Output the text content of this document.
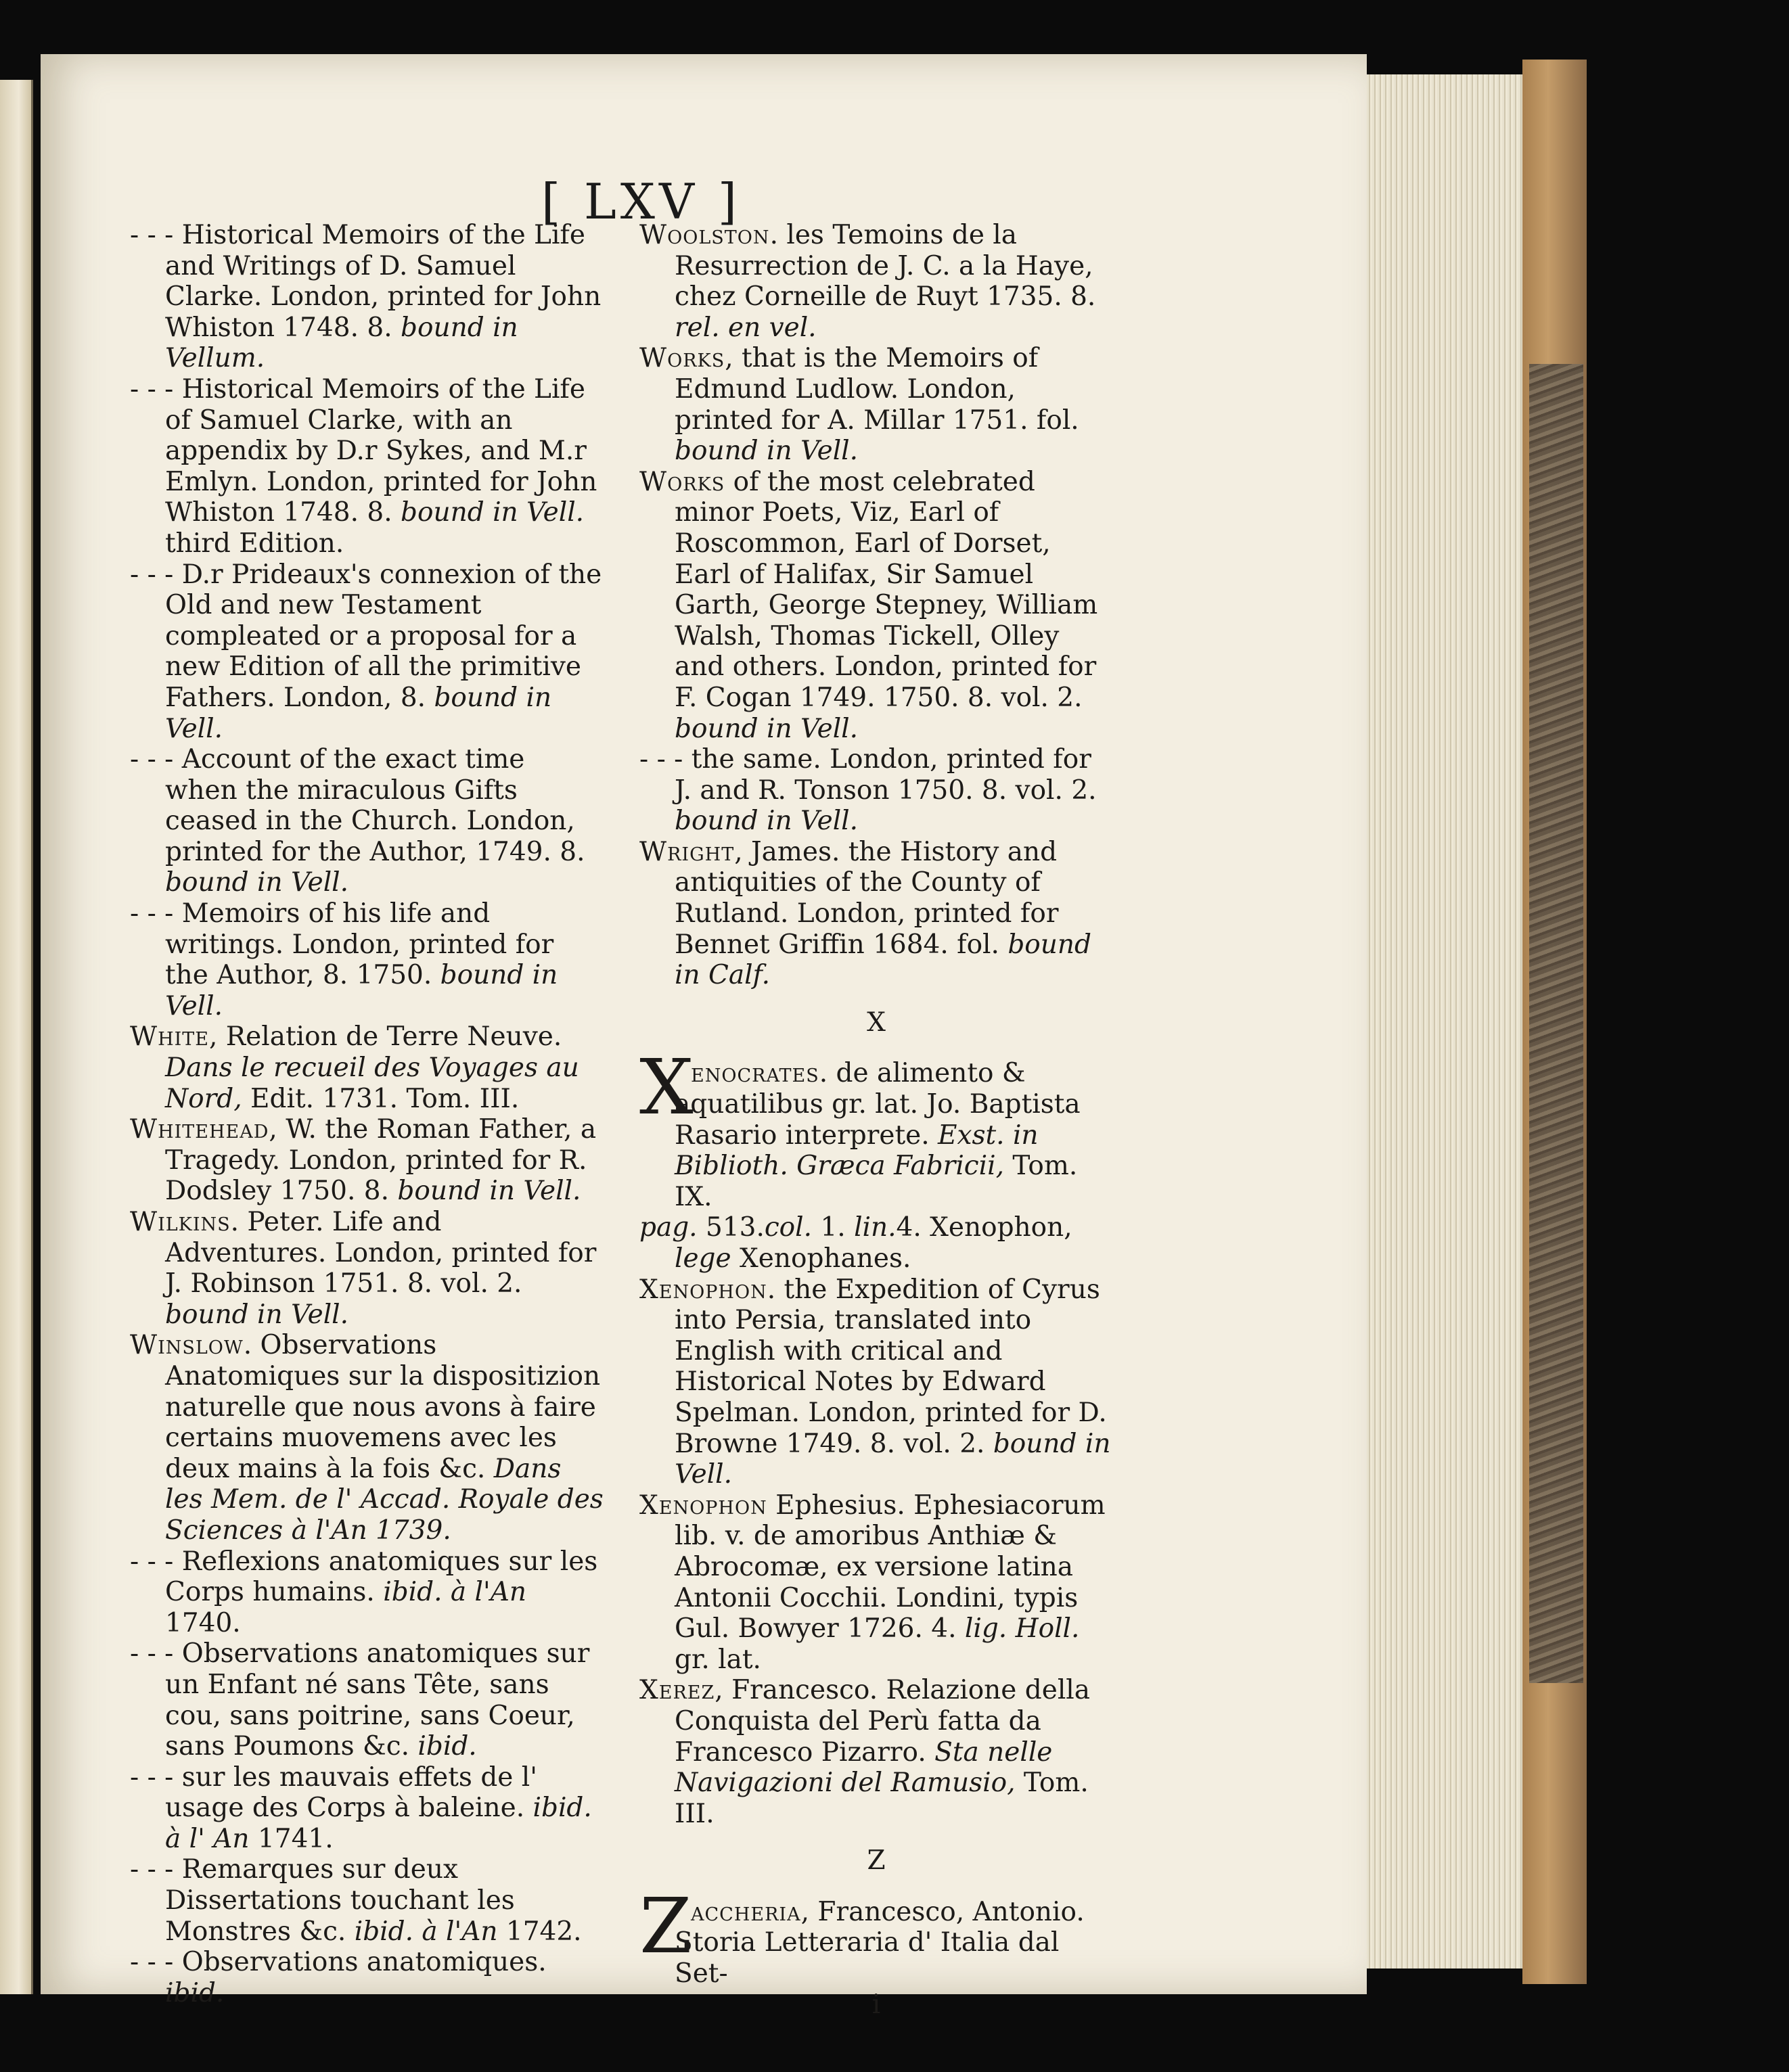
[ LXV ]

- - - Historical Memoirs of the Life and Writings of D. Samuel Clarke. London, printed for John Whiston 1748. 8. bound in Vellum.

- - - Historical Memoirs of the Life of Samuel Clarke, with an appendix by D.r Sykes, and M.r Emlyn. London, printed for John Whiston 1748. 8. bound in Vell. third Edition.

- - - D.r Prideaux's connexion of the Old and new Testament compleated or a proposal for a new Edition of all the primitive Fathers. London, 8. bound in Vell.

- - - Account of the exact time when the miraculous Gifts ceased in the Church. London, printed for the Author, 1749. 8. bound in Vell.

- - - Memoirs of his life and writings. London, printed for the Author, 8. 1750. bound in Vell.

White, Relation de Terre Neuve. Dans le recueil des Voyages au Nord, Edit. 1731. Tom. III.

Whitehead, W. the Roman Father, a Tragedy. London, printed for R. Dodsley 1750. 8. bound in Vell.

Wilkins. Peter. Life and Adventures. London, printed for J. Robinson 1751. 8. vol. 2. bound in Vell.

Winslow. Observations Anatomiques sur la dispositizion naturelle que nous avons à faire certains muovemens avec les deux mains à la fois &c. Dans les Mem. de l' Accad. Royale des Sciences à l'An 1739.

- - - Reflexions anatomiques sur les Corps humains. ibid. à l'An 1740.

- - - Observations anatomiques sur un Enfant né sans Tête, sans cou, sans poitrine, sans Coeur, sans Poumons &c. ibid.

- - - sur les mauvais effets de l' usage des Corps à baleine. ibid. à l' An 1741.

- - - Remarques sur deux Dissertations touchant les Monstres &c. ibid. à l'An 1742.

- - - Observations anatomiques. ibid.

Woolston. les Temoins de la Resurrection de J. C. a la Haye, chez Corneille de Ruyt 1735. 8. rel. en vel.

Works, that is the Memoirs of Edmund Ludlow. London, printed for A. Millar 1751. fol. bound in Vell.

Works of the most celebrated minor Poets, Viz, Earl of Roscommon, Earl of Dorset, Earl of Halifax, Sir Samuel Garth, George Stepney, William Walsh, Thomas Tickell, Olley and others. London, printed for F. Cogan 1749. 1750. 8. vol. 2. bound in Vell.

- - - the same. London, printed for J. and R. Tonson 1750. 8. vol. 2. bound in Vell.

Wright, James. the History and antiquities of the County of Rutland. London, printed for Bennet Griffin 1684. fol. bound in Calf.

X

X
enocrates. de alimento & aquatilibus gr. lat. Jo. Baptista Rasario interprete. Exst. in Biblioth. Græca Fabricii, Tom. IX.

pag. 513.col. 1. lin.4. Xenophon, lege Xenophanes.

Xenophon. the Expedition of Cyrus into Persia, translated into English with critical and Historical Notes by Edward Spelman. London, printed for D. Browne 1749. 8. vol. 2. bound in Vell.

Xenophon Ephesius. Ephesiacorum lib. v. de amoribus Anthiæ & Abrocomæ, ex versione latina Antonii Cocchii. Londini, typis Gul. Bowyer 1726. 4. lig. Holl. gr. lat.

Xerez, Francesco. Relazione della Conquista del Perù fatta da Francesco Pizarro. Sta nelle Navigazioni del Ramusio, Tom. III.

Z

Z
accheria, Francesco, Antonio. Storia Letteraria d' Italia dal Set-

i
